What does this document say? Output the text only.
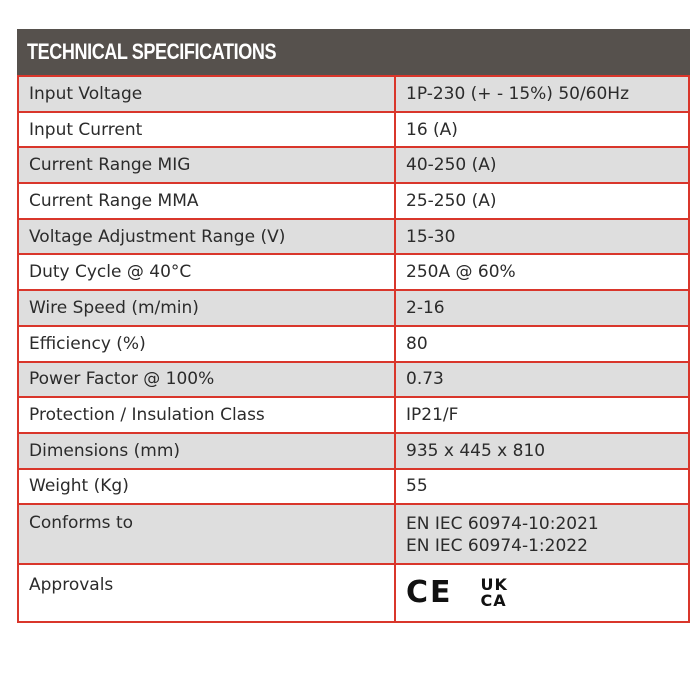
TECHNICAL SPECIFICATIONS
Input Voltage	1P-230 (+ - 15%) 50/60Hz
Input Current	16 (A)
Current Range MIG	40-250 (A)
Current Range MMA	25-250 (A)
Voltage Adjustment Range (V)	15-30
Duty Cycle @ 40°C	250A @ 60%
Wire Speed (m/min)	2-16
Efficiency (%)	80
Power Factor @ 100%	0.73
Protection / Insulation Class	IP21/F
Dimensions (mm)	935 x 445 x 810
Weight (Kg)	55
Conforms to	EN IEC 60974-10:2021
EN IEC 60974-1:2022

Approvals	CE UK
CA
